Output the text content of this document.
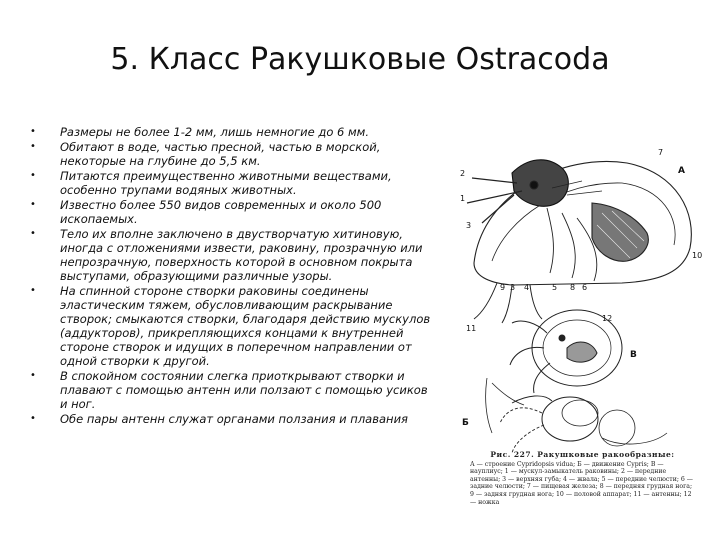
5. Класс Ракушковые Ostracoda
• Размеры не более 1-2 мм, лишь немногие до 6 мм.
• Обитают в воде, частью пресной, частью в морской, некоторые на глубине до 5,5 км.
• Питаются преимущественно животными веществами, особенно трупами водяных животных.
• Известно более 550 видов современных и около 500 ископаемых.
• Тело их вполне заключено в двустворчатую хитиновую, иногда с отложениями извести, раковину, прозрачную или непрозрачную, поверхность которой в основном покрыта выступами, образующими различные узоры.
• На спинной стороне створки раковины соединены эластическим тяжем, обусловливающим раскрывание створок; смыкаются створки, благодаря действию мускулов (аддукторов), прикрепляющихся концами к внутренней стороне створок и идущих в поперечном направлении от одной створки к другой.
• В спокойном состоянии слегка приоткрывают створки и плавают с помощью антенн или ползают с помощью усиков и ног.
• Обе пары антенн служат органами ползания и плавания
2
1
3
7
А
10
3 4	5	6
9	8
11
12
В
Б
Рис. 227. Ракушковые ракообразные:
А — строение Cypridopsis vidua; Б — движение Cypris; В — науплиус; 1 — мускул-замыкатель раковины; 2 — передние антенны; 3 — верхняя губа; 4 — жвала; 5 — передние челюсти; 6 — задние челюсти; 7 — пищевая железа; 8 — передняя грудная нога; 9 — задняя грудная нога; 10 — половой аппарат; 11 — антенны; 12 — ножка
